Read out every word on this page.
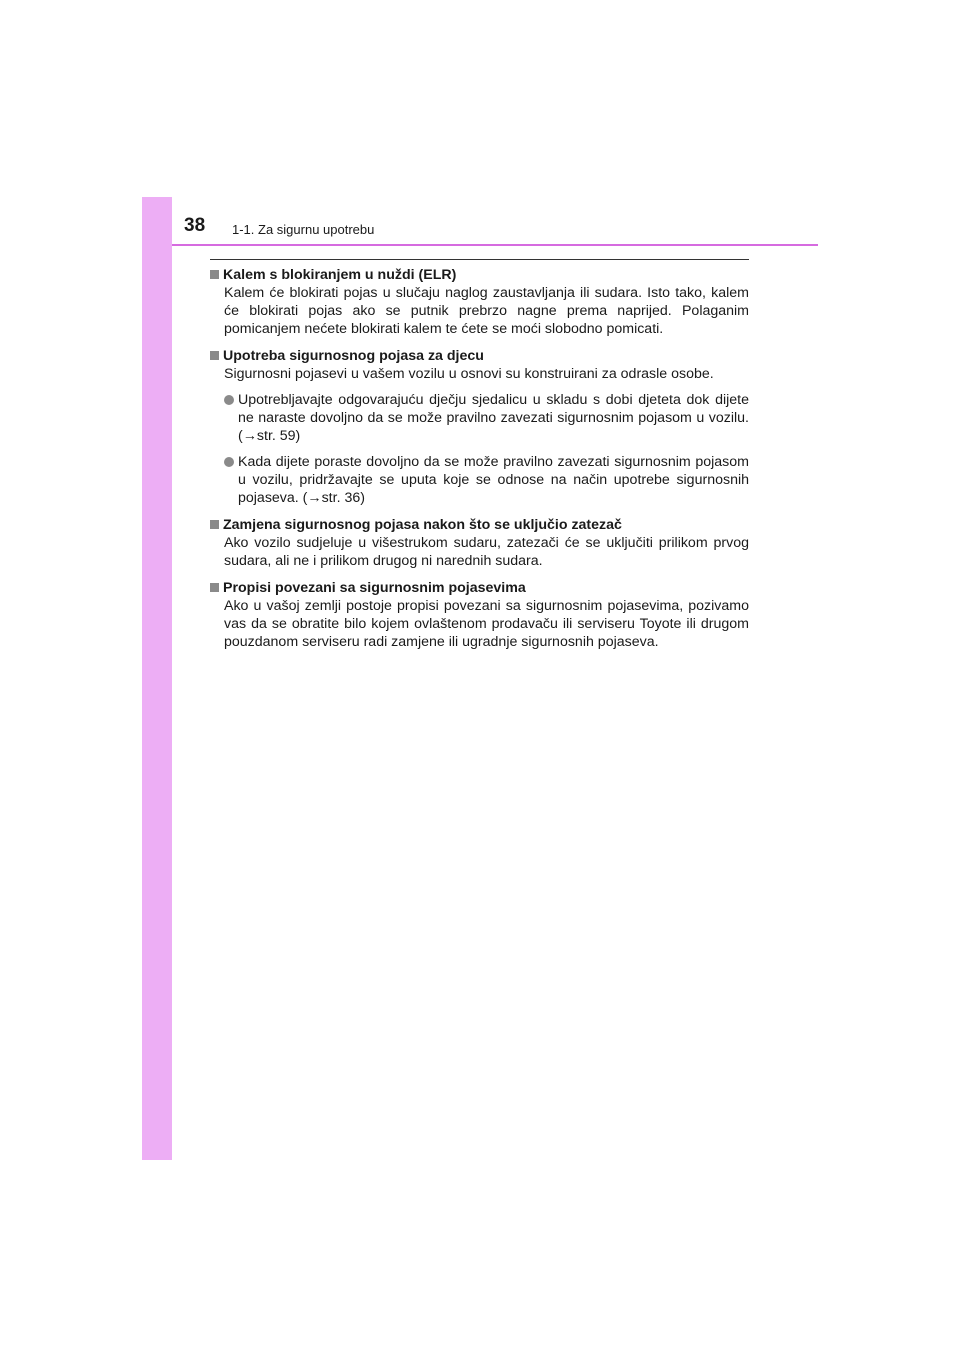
38 1-1. Za sigurnu upotrebu
Kalem s blokiranjem u nuždi (ELR)
Kalem će blokirati pojas u slučaju naglog zaustavljanja ili sudara. Isto tako, kalem će blokirati pojas ako se putnik prebrzo nagne prema naprijed. Polaganim pomicanjem nećete blokirati kalem te ćete se moći slobodno pomicati.
Upotreba sigurnosnog pojasa za djecu
Sigurnosni pojasevi u vašem vozilu u osnovi su konstruirani za odrasle osobe.
Upotrebljavajte odgovarajuću dječju sjedalicu u skladu s dobi djeteta dok dijete ne naraste dovoljno da se može pravilno zavezati sigurnosnim pojasom u vozilu. (→str. 59)
Kada dijete poraste dovoljno da se može pravilno zavezati sigurnosnim pojasom u vozilu, pridržavajte se uputa koje se odnose na način upotrebe sigurnosnih pojaseva. (→str. 36)
Zamjena sigurnosnog pojasa nakon što se uključio zatezač
Ako vozilo sudjeluje u višestrukom sudaru, zatezači će se uključiti prilikom prvog sudara, ali ne i prilikom drugog ni narednih sudara.
Propisi povezani sa sigurnosnim pojasevima
Ako u vašoj zemlji postoje propisi povezani sa sigurnosnim pojasevima, pozivamo vas da se obratite bilo kojem ovlaštenom prodavaču ili serviseru Toyote ili drugom pouzdanom serviseru radi zamjene ili ugradnje sigurnosnih pojaseva.
